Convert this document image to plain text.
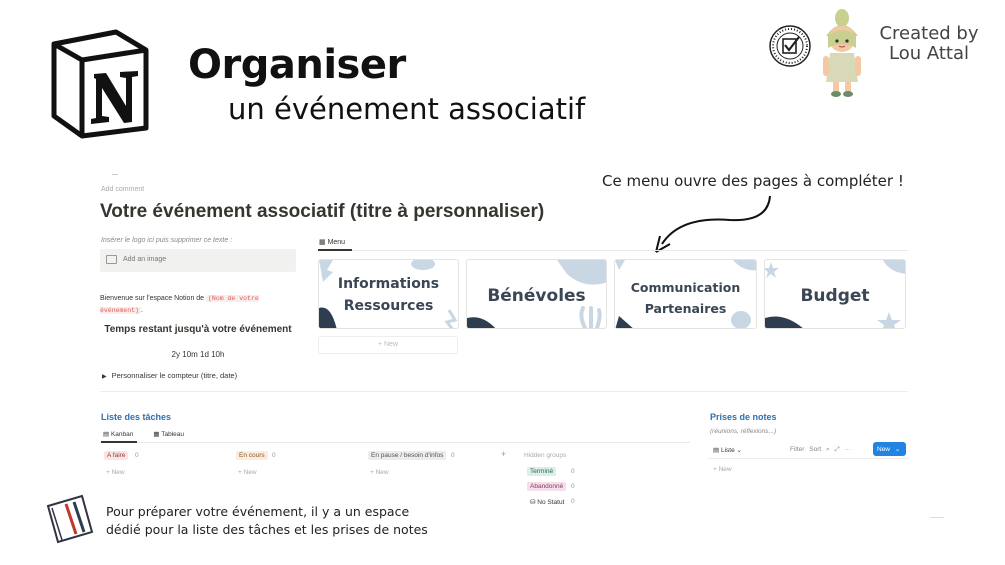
Organiser
un événement associatif
Created by
Lou Attal
Ce menu ouvre des pages à compléter !
Add comment
Votre événement associatif (titre à personnaliser)
Insérer le logo ici puis supprimer ce texte :
Add an image
Bienvenue sur l'espace Notion de (Nom de votre événement) .
Temps restant jusqu'à votre événement
2y 10m 1d 10h
▶ Personnaliser le compteur (titre, date)
▦ Menu
Informations
Ressources	Bénévoles	Communication
Partenaires
Budget
+ New
Liste des tâches
▤ Kanban	▦ Tableau
A faire	0
+ New
En cours	0
+ New
En pause / besoin d'infos	0
+ New
+	Hidden groups
Terminé	0
Abandonné	0
⛁ No Statut	0
Prises de notes
(réunions, réflexions...)
▤ Liste ⌄	Filter Sort ⌕ ⤢ ···	New ⌄
+ New
Pour préparer votre événement, il y a un espace
dédié pour la liste des tâches et les prises de notes
